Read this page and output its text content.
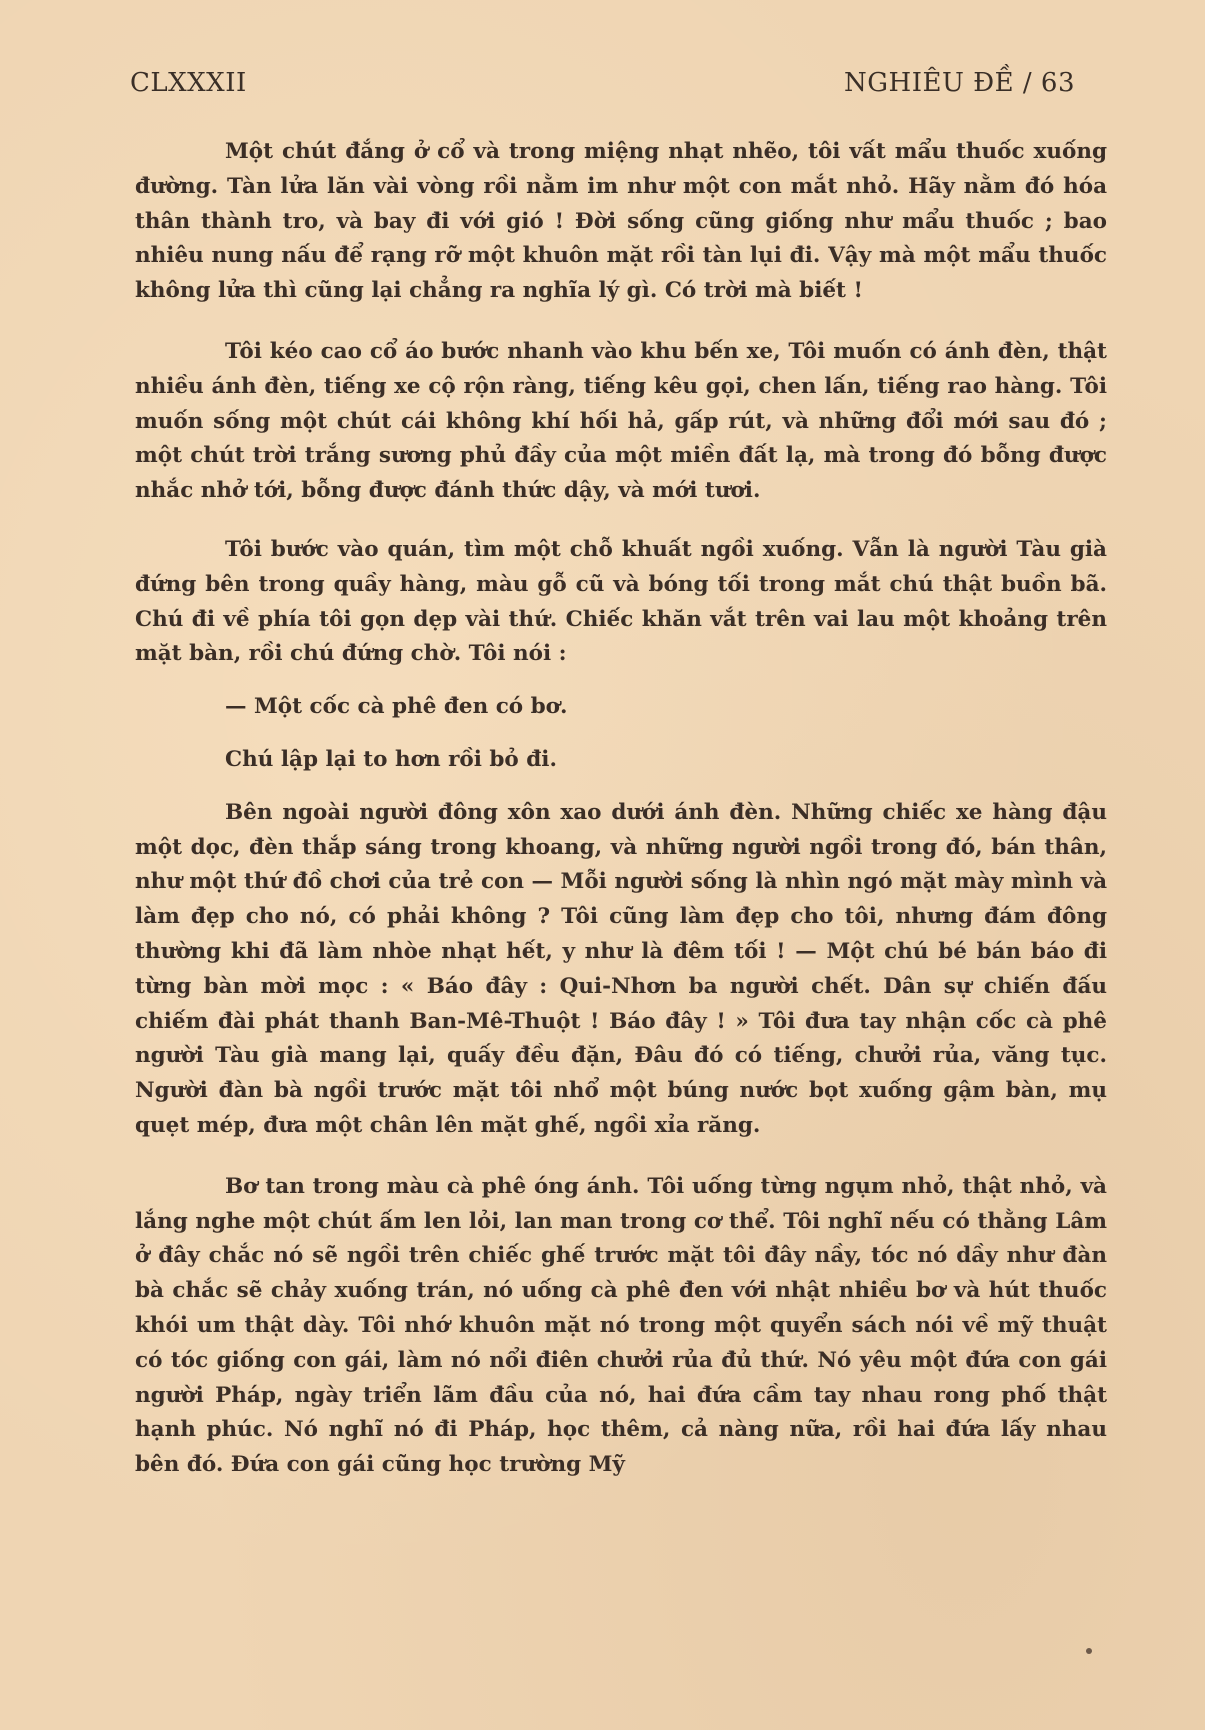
CLXXXII	NGHIÊU ĐỀ / 63

Một chút đắng ở cổ và trong miệng nhạt nhẽo, tôi vất mẩu thuốc xuống đường. Tàn lửa lăn vài vòng rồi nằm im như một con mắt nhỏ. Hãy nằm đó hóa thân thành tro, và bay đi với gió ! Đời sống cũng giống như mẩu thuốc ; bao nhiêu nung nấu để rạng rỡ một khuôn mặt rồi tàn lụi đi. Vậy mà một mẩu thuốc không lửa thì cũng lại chẳng ra nghĩa lý gì. Có trời mà biết !

Tôi kéo cao cổ áo bước nhanh vào khu bến xe, Tôi muốn có ánh đèn, thật nhiều ánh đèn, tiếng xe cộ rộn ràng, tiếng kêu gọi, chen lấn, tiếng rao hàng. Tôi muốn sống một chút cái không khí hối hả, gấp rút, và những đổi mới sau đó ; một chút trời trắng sương phủ đầy của một miền đất lạ, mà trong đó bỗng được nhắc nhở tới, bỗng được đánh thức dậy, và mới tươi.

Tôi bước vào quán, tìm một chỗ khuất ngồi xuống. Vẫn là người Tàu già đứng bên trong quầy hàng, màu gỗ cũ và bóng tối trong mắt chú thật buồn bã. Chú đi về phía tôi gọn dẹp vài thứ. Chiếc khăn vắt trên vai lau một khoảng trên mặt bàn, rồi chú đứng chờ. Tôi nói :

— Một cốc cà phê đen có bơ.

Chú lập lại to hơn rồi bỏ đi.

Bên ngoài người đông xôn xao dưới ánh đèn. Những chiếc xe hàng đậu một dọc, đèn thắp sáng trong khoang, và những người ngồi trong đó, bán thân, như một thứ đồ chơi của trẻ con — Mỗi người sống là nhìn ngó mặt mày mình và làm đẹp cho nó, có phải không ? Tôi cũng làm đẹp cho tôi, nhưng đám đông thường khi đã làm nhòe nhạt hết, y như là đêm tối ! — Một chú bé bán báo đi từng bàn mời mọc : « Báo đây : Qui-Nhơn ba người chết. Dân sự chiến đấu chiếm đài phát thanh Ban-Mê-Thuột ! Báo đây ! » Tôi đưa tay nhận cốc cà phê người Tàu già mang lại, quấy đều đặn, Đâu đó có tiếng, chưởi rủa, văng tục. Người đàn bà ngồi trước mặt tôi nhổ một búng nước bọt xuống gậm bàn, mụ quẹt mép, đưa một chân lên mặt ghế, ngồi xỉa răng.

Bơ tan trong màu cà phê óng ánh. Tôi uống từng ngụm nhỏ, thật nhỏ, và lắng nghe một chút ấm len lỏi, lan man trong cơ thể. Tôi nghĩ nếu có thằng Lâm ở đây chắc nó sẽ ngồi trên chiếc ghế trước mặt tôi đây nầy, tóc nó dầy như đàn bà chắc sẽ chảy xuống trán, nó uống cà phê đen với nhật nhiều bơ và hút thuốc khói um thật dày. Tôi nhớ khuôn mặt nó trong một quyển sách nói về mỹ thuật có tóc giống con gái, làm nó nổi điên chưởi rủa đủ thứ. Nó yêu một đứa con gái người Pháp, ngày triển lãm đầu của nó, hai đứa cầm tay nhau rong phố thật hạnh phúc. Nó nghĩ nó đi Pháp, học thêm, cả nàng nữa, rồi hai đứa lấy nhau bên đó. Đứa con gái cũng học trường Mỹ
